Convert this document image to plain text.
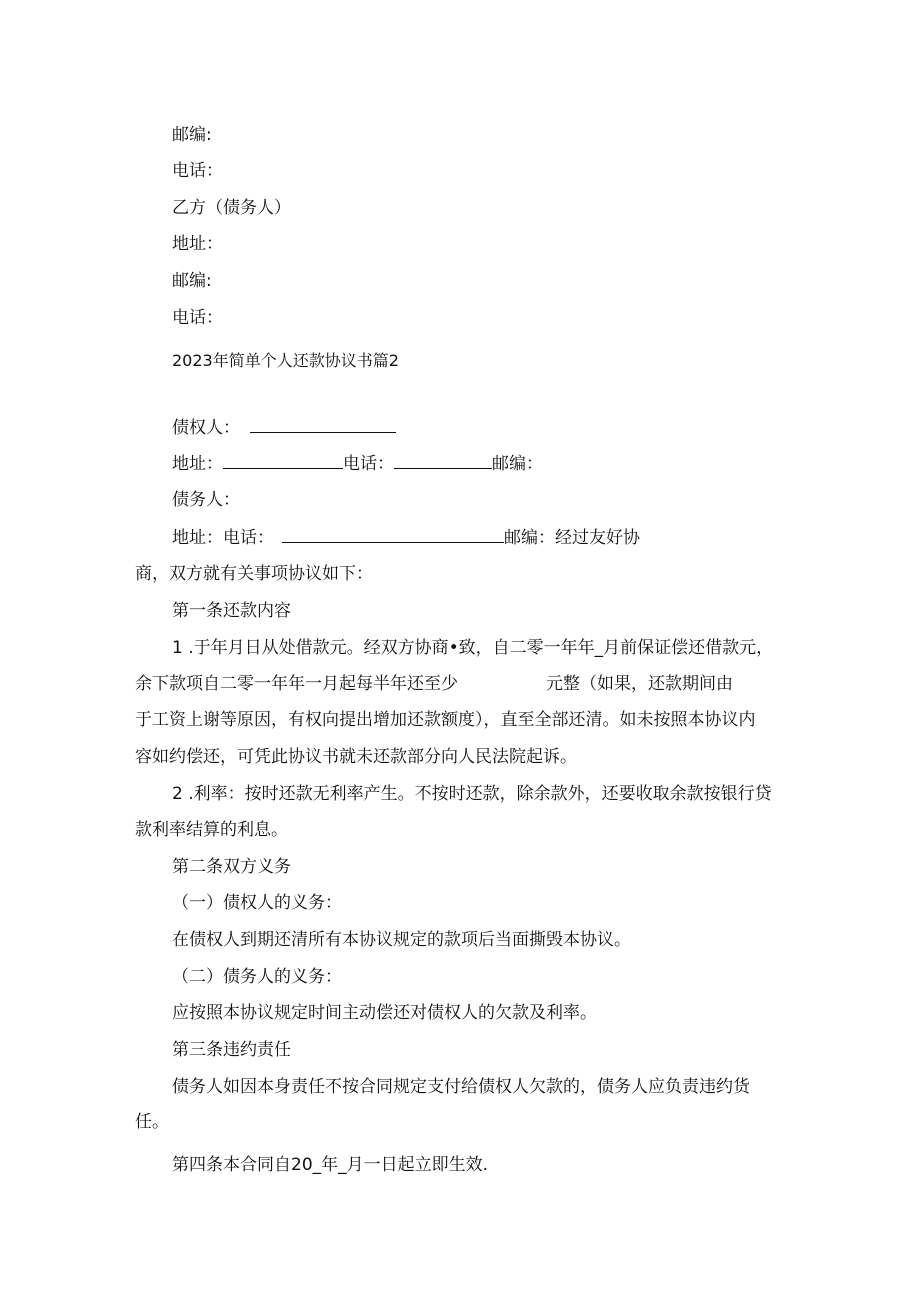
邮编:
电话：
乙方（债务人）
地址：
邮编:
电话：
2023年简单个人还款协议书篇2
债权人：
地址：	电话：	邮编：
债务人：
地址：电话：	邮编：经过友好协
商，双方就有关事项协议如下：
第一条还款内容
1 .于年月日从处借款元。经双方协商•致，自二零一年年_月前保证偿还借款元，
余下款项自二零一年年一月起每半年还至少	元整（如果，还款期间由
于工资上谢等原因，有权向提出增加还款额度），直至全部还清。如未按照本协议内
容如约偿还，可凭此协议书就未还款部分向人民法院起诉。
2 .利率：按时还款无利率产生。不按时还款，除余款外，还要收取余款按银行贷
款利率结算的利息。
第二条双方义务
（一）债权人的义务：
在债权人到期还清所有本协议规定的款项后当面撕毁本协议。
（二）债务人的义务：
应按照本协议规定时间主动偿还对债权人的欠款及利率。
第三条违约责任
债务人如因本身责任不按合同规定支付给债权人欠款的，债务人应负责违约货
任。
第四条本合同自20_年_月一日起立即生效.
